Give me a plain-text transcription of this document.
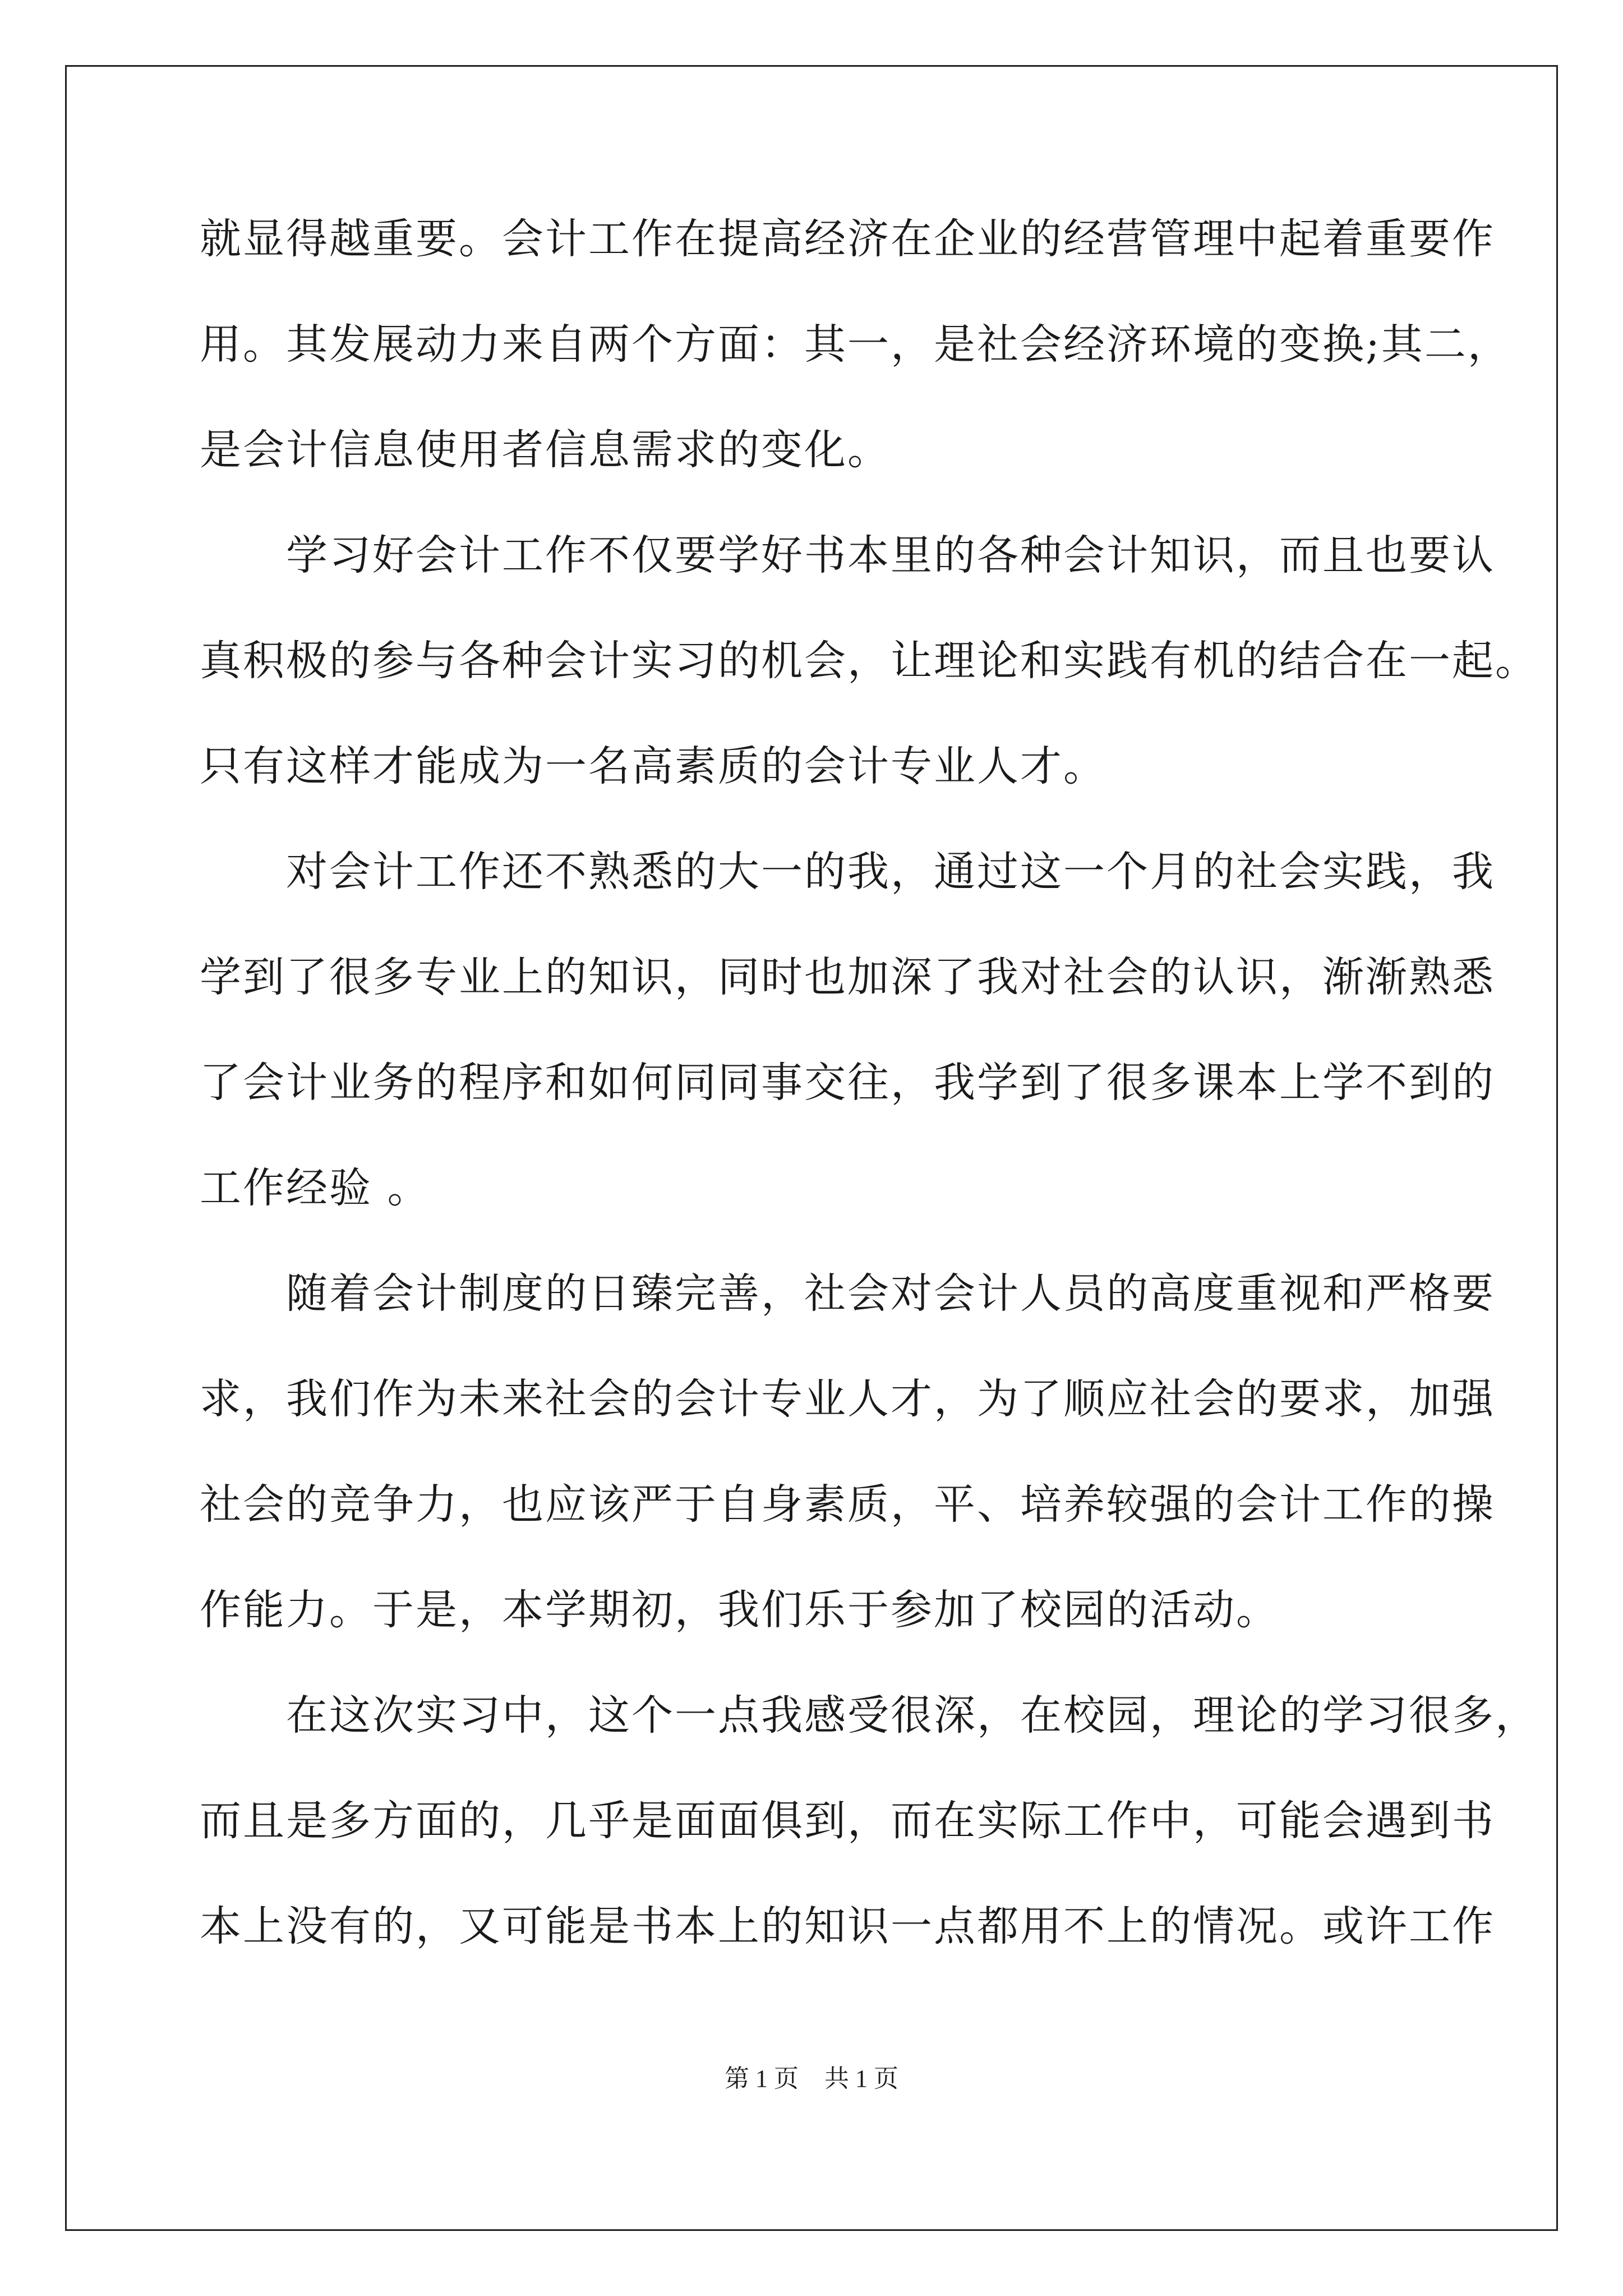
就显得越重要。会计工作在提高经济在企业的经营管理中起着重要作
用。其发展动力来自两个方面：其一，是社会经济环境的变换;其二，
是会计信息使用者信息需求的变化。
　　学习好会计工作不仅要学好书本里的各种会计知识，而且也要认
真积极的参与各种会计实习的机会，让理论和实践有机的结合在一起。
只有这样才能成为一名高素质的会计专业人才。
　　对会计工作还不熟悉的大一的我，通过这一个月的社会实践，我
学到了很多专业上的知识，同时也加深了我对社会的认识，渐渐熟悉
了会计业务的程序和如何同同事交往，我学到了很多课本上学不到的
工作经验 。
　　随着会计制度的日臻完善，社会对会计人员的高度重视和严格要
求，我们作为未来社会的会计专业人才，为了顺应社会的要求，加强
社会的竞争力，也应该严于自身素质，平、培养较强的会计工作的操
作能力。于是，本学期初，我们乐于参加了校园的活动。
　　在这次实习中，这个一点我感受很深，在校园，理论的学习很多，
而且是多方面的，几乎是面面俱到，而在实际工作中，可能会遇到书
本上没有的，又可能是书本上的知识一点都用不上的情况。或许工作
第 1 页 共 1 页
